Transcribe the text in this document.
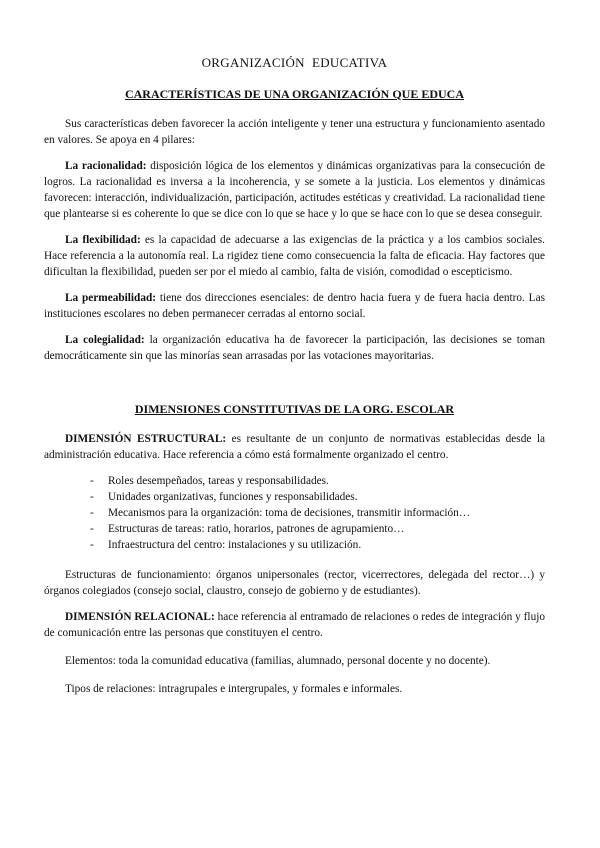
ORGANIZACIÓN  EDUCATIVA
CARACTERÍSTICAS DE UNA ORGANIZACIÓN QUE EDUCA

Sus características deben favorecer la acción inteligente y tener una estructura y funcionamiento asentado en valores. Se apoya en 4 pilares:

La racionalidad: disposición lógica de los elementos y dinámicas organizativas para la consecución de logros. La racionalidad es inversa a la incoherencia, y se somete a la justicia. Los elementos y dinámicas favorecen: interacción, individualización, participación, actitudes estéticas y creatividad. La racionalidad tiene que plantearse si es coherente lo que se dice con lo que se hace y lo que se hace con lo que se desea conseguir.

La flexibilidad: es la capacidad de adecuarse a las exigencias de la práctica y a los cambios sociales. Hace referencia a la autonomía real. La rigidez tiene como consecuencia la falta de eficacia. Hay factores que dificultan la flexibilidad, pueden ser por el miedo al cambio, falta de visión, comodidad o escepticismo.

La permeabilidad: tiene dos direcciones esenciales: de dentro hacia fuera y de fuera hacia dentro. Las instituciones escolares no deben permanecer cerradas al entorno social.

La colegialidad: la organización educativa ha de favorecer la participación, las decisiones se toman democráticamente sin que las minorías sean arrasadas por las votaciones mayoritarias.

DIMENSIONES CONSTITUTIVAS DE LA ORG. ESCOLAR

DIMENSIÓN ESTRUCTURAL: es resultante de un conjunto de normativas establecidas desde la administración educativa. Hace referencia a cómo está formalmente organizado el centro.

- Roles desempeñados, tareas y responsabilidades.
- Unidades organizativas, funciones y responsabilidades.
- Mecanismos para la organización: toma de decisiones, transmitir información…
- Estructuras de tareas: ratio, horarios, patrones de agrupamiento…
- Infraestructura del centro: instalaciones y su utilización.

Estructuras de funcionamiento: órganos unipersonales (rector, vicerrectores, delegada del rector…) y órganos colegiados (consejo social, claustro, consejo de gobierno y de estudiantes).

DIMENSIÓN RELACIONAL: hace referencia al entramado de relaciones o redes de integración y flujo de comunicación entre las personas que constituyen el centro.

Elementos: toda la comunidad educativa (familias, alumnado, personal docente y no docente).

Tipos de relaciones: intragrupales e intergrupales, y formales e informales.
